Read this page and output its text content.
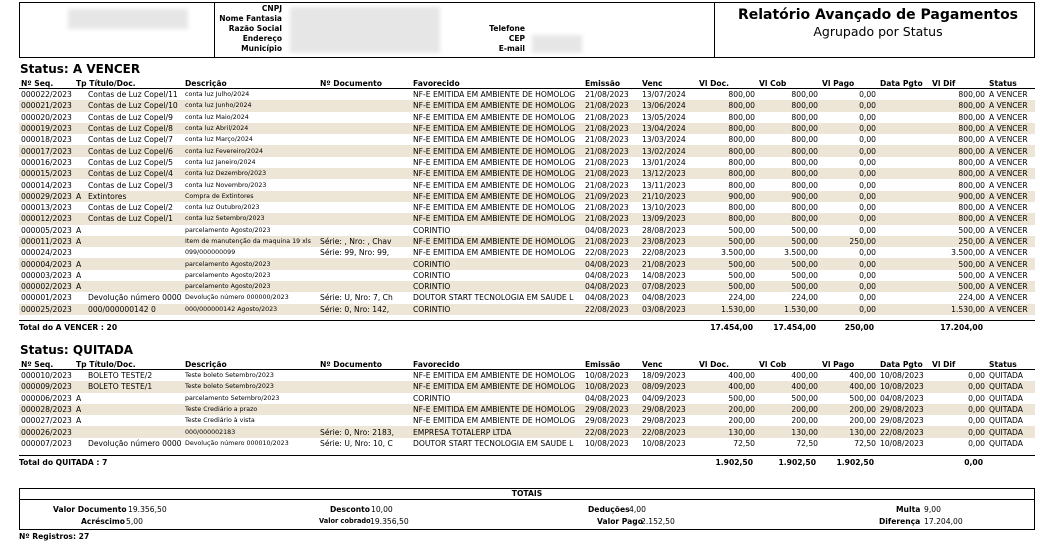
CNPJ
Nome Fantasia
Razão Social
Endereço
Município
Telefone
CEP
E-mail
Relatório Avançado de Pagamentos
Agrupado por Status
Status: A VENCER
Nº Seq.	Tp Título/Doc.		Descrição	Nº Documento	Favorecido	Emissão	Venc	Vl Doc.	Vl Cob	Vl Pago	Data Pgto	Vl Dif	Status
000022/2023		Contas de Luz Copel/11	conta luz Julho/2024		NF-E EMITIDA EM AMBIENTE DE HOMOLOG	21/08/2023	13/07/2024	800,00	800,00	0,00		800,00	A VENCER
000021/2023		Contas de Luz Copel/10	conta luz Junho/2024		NF-E EMITIDA EM AMBIENTE DE HOMOLOG	21/08/2023	13/06/2024	800,00	800,00	0,00		800,00	A VENCER
000020/2023		Contas de Luz Copel/9	conta luz Maio/2024		NF-E EMITIDA EM AMBIENTE DE HOMOLOG	21/08/2023	13/05/2024	800,00	800,00	0,00		800,00	A VENCER
000019/2023		Contas de Luz Copel/8	conta luz Abril/2024		NF-E EMITIDA EM AMBIENTE DE HOMOLOG	21/08/2023	13/04/2024	800,00	800,00	0,00		800,00	A VENCER
000018/2023		Contas de Luz Copel/7	conta luz Março/2024		NF-E EMITIDA EM AMBIENTE DE HOMOLOG	21/08/2023	13/03/2024	800,00	800,00	0,00		800,00	A VENCER
000017/2023		Contas de Luz Copel/6	conta luz Fevereiro/2024		NF-E EMITIDA EM AMBIENTE DE HOMOLOG	21/08/2023	13/02/2024	800,00	800,00	0,00		800,00	A VENCER
000016/2023		Contas de Luz Copel/5	conta luz Janeiro/2024		NF-E EMITIDA EM AMBIENTE DE HOMOLOG	21/08/2023	13/01/2024	800,00	800,00	0,00		800,00	A VENCER
000015/2023		Contas de Luz Copel/4	conta luz Dezembro/2023		NF-E EMITIDA EM AMBIENTE DE HOMOLOG	21/08/2023	13/12/2023	800,00	800,00	0,00		800,00	A VENCER
000014/2023		Contas de Luz Copel/3	conta luz Novembro/2023		NF-E EMITIDA EM AMBIENTE DE HOMOLOG	21/08/2023	13/11/2023	800,00	800,00	0,00		800,00	A VENCER
000029/2023	A	Extintores	Compra de Extintores		NF-E EMITIDA EM AMBIENTE DE HOMOLOG	21/09/2023	21/10/2023	900,00	900,00	0,00		900,00	A VENCER
000013/2023		Contas de Luz Copel/2	conta luz Outubro/2023		NF-E EMITIDA EM AMBIENTE DE HOMOLOG	21/08/2023	13/10/2023	800,00	800,00	0,00		800,00	A VENCER
000012/2023		Contas de Luz Copel/1	conta luz Setembro/2023		NF-E EMITIDA EM AMBIENTE DE HOMOLOG	21/08/2023	13/09/2023	800,00	800,00	0,00		800,00	A VENCER
000005/2023	A		parcelamento Agosto/2023		CORINTIO	04/08/2023	28/08/2023	500,00	500,00	0,00		500,00	A VENCER
000011/2023	A		Item de manutenção da maquina 19 xls	Série: , Nro: , Chav	NF-E EMITIDA EM AMBIENTE DE HOMOLOG	21/08/2023	23/08/2023	500,00	500,00	250,00		250,00	A VENCER
000024/2023			099/000000099	Série: 99, Nro: 99,	NF-E EMITIDA EM AMBIENTE DE HOMOLOG	22/08/2023	22/08/2023	3.500,00	3.500,00	0,00		3.500,00	A VENCER
000004/2023	A		parcelamento Agosto/2023		CORINTIO	04/08/2023	21/08/2023	500,00	500,00	0,00		500,00	A VENCER
000003/2023	A		parcelamento Agosto/2023		CORINTIO	04/08/2023	14/08/2023	500,00	500,00	0,00		500,00	A VENCER
000002/2023	A		parcelamento Agosto/2023		CORINTIO	04/08/2023	07/08/2023	500,00	500,00	0,00		500,00	A VENCER
000001/2023		Devolução número 0000	Devolução número 000000/2023	Série: U, Nro: 7, Ch	DOUTOR START TECNOLOGIA EM SAUDE L	04/08/2023	04/08/2023	224,00	224,00	0,00		224,00	A VENCER
000025/2023		000/000000142 0	000/000000142 Agosto/2023	Série: 0, Nro: 142,	CORINTIO	22/08/2023	03/08/2023	1.530,00	1.530,00	0,00		1.530,00	A VENCER
Total do A VENCER : 20	17.454,00	17.454,00	250,00	17.204,00
Status: QUITADA
Nº Seq.	Tp Título/Doc.		Descrição	Nº Documento	Favorecido	Emissão	Venc	Vl Doc.	Vl Cob	Vl Pago	Data Pgto	Vl Dif	Status
000010/2023		BOLETO TESTE/2	Teste boleto Setembro/2023		NF-E EMITIDA EM AMBIENTE DE HOMOLOG	10/08/2023	18/09/2023	400,00	400,00	400,00	10/08/2023	0,00	QUITADA
000009/2023		BOLETO TESTE/1	Teste boleto Setembro/2023		NF-E EMITIDA EM AMBIENTE DE HOMOLOG	10/08/2023	08/09/2023	400,00	400,00	400,00	10/08/2023	0,00	QUITADA
000006/2023	A		parcelamento Setembro/2023		CORINTIO	04/08/2023	04/09/2023	500,00	500,00	500,00	04/08/2023	0,00	QUITADA
000028/2023	A		Teste Crediário a prazo		NF-E EMITIDA EM AMBIENTE DE HOMOLOG	29/08/2023	29/08/2023	200,00	200,00	200,00	29/08/2023	0,00	QUITADA
000027/2023	A		Teste Crediário à vista		NF-E EMITIDA EM AMBIENTE DE HOMOLOG	29/08/2023	29/08/2023	200,00	200,00	200,00	29/08/2023	0,00	QUITADA
000026/2023			000/000002183	Série: 0, Nro: 2183,	EMPRESA TOTALERP LTDA	22/08/2023	22/08/2023	130,00	130,00	130,00	22/08/2023	0,00	QUITADA
000007/2023		Devolução número 0000	Devolução número 000010/2023	Série: U, Nro: 10, C	DOUTOR START TECNOLOGIA EM SAUDE L	10/08/2023	10/08/2023	72,50	72,50	72,50	10/08/2023	0,00	QUITADA
Total do QUITADA : 7	1.902,50	1.902,50	1.902,50	0,00
TOTAIS
Valor Documento 19.356,50	Desconto 10,00	Deduções 4,00	Multa 9,00
Acréscimo 5,00	Valor cobrado 19.356,50	Valor Pago
2.152,50	Diferença 17.204,00
Nº Registros: 27
